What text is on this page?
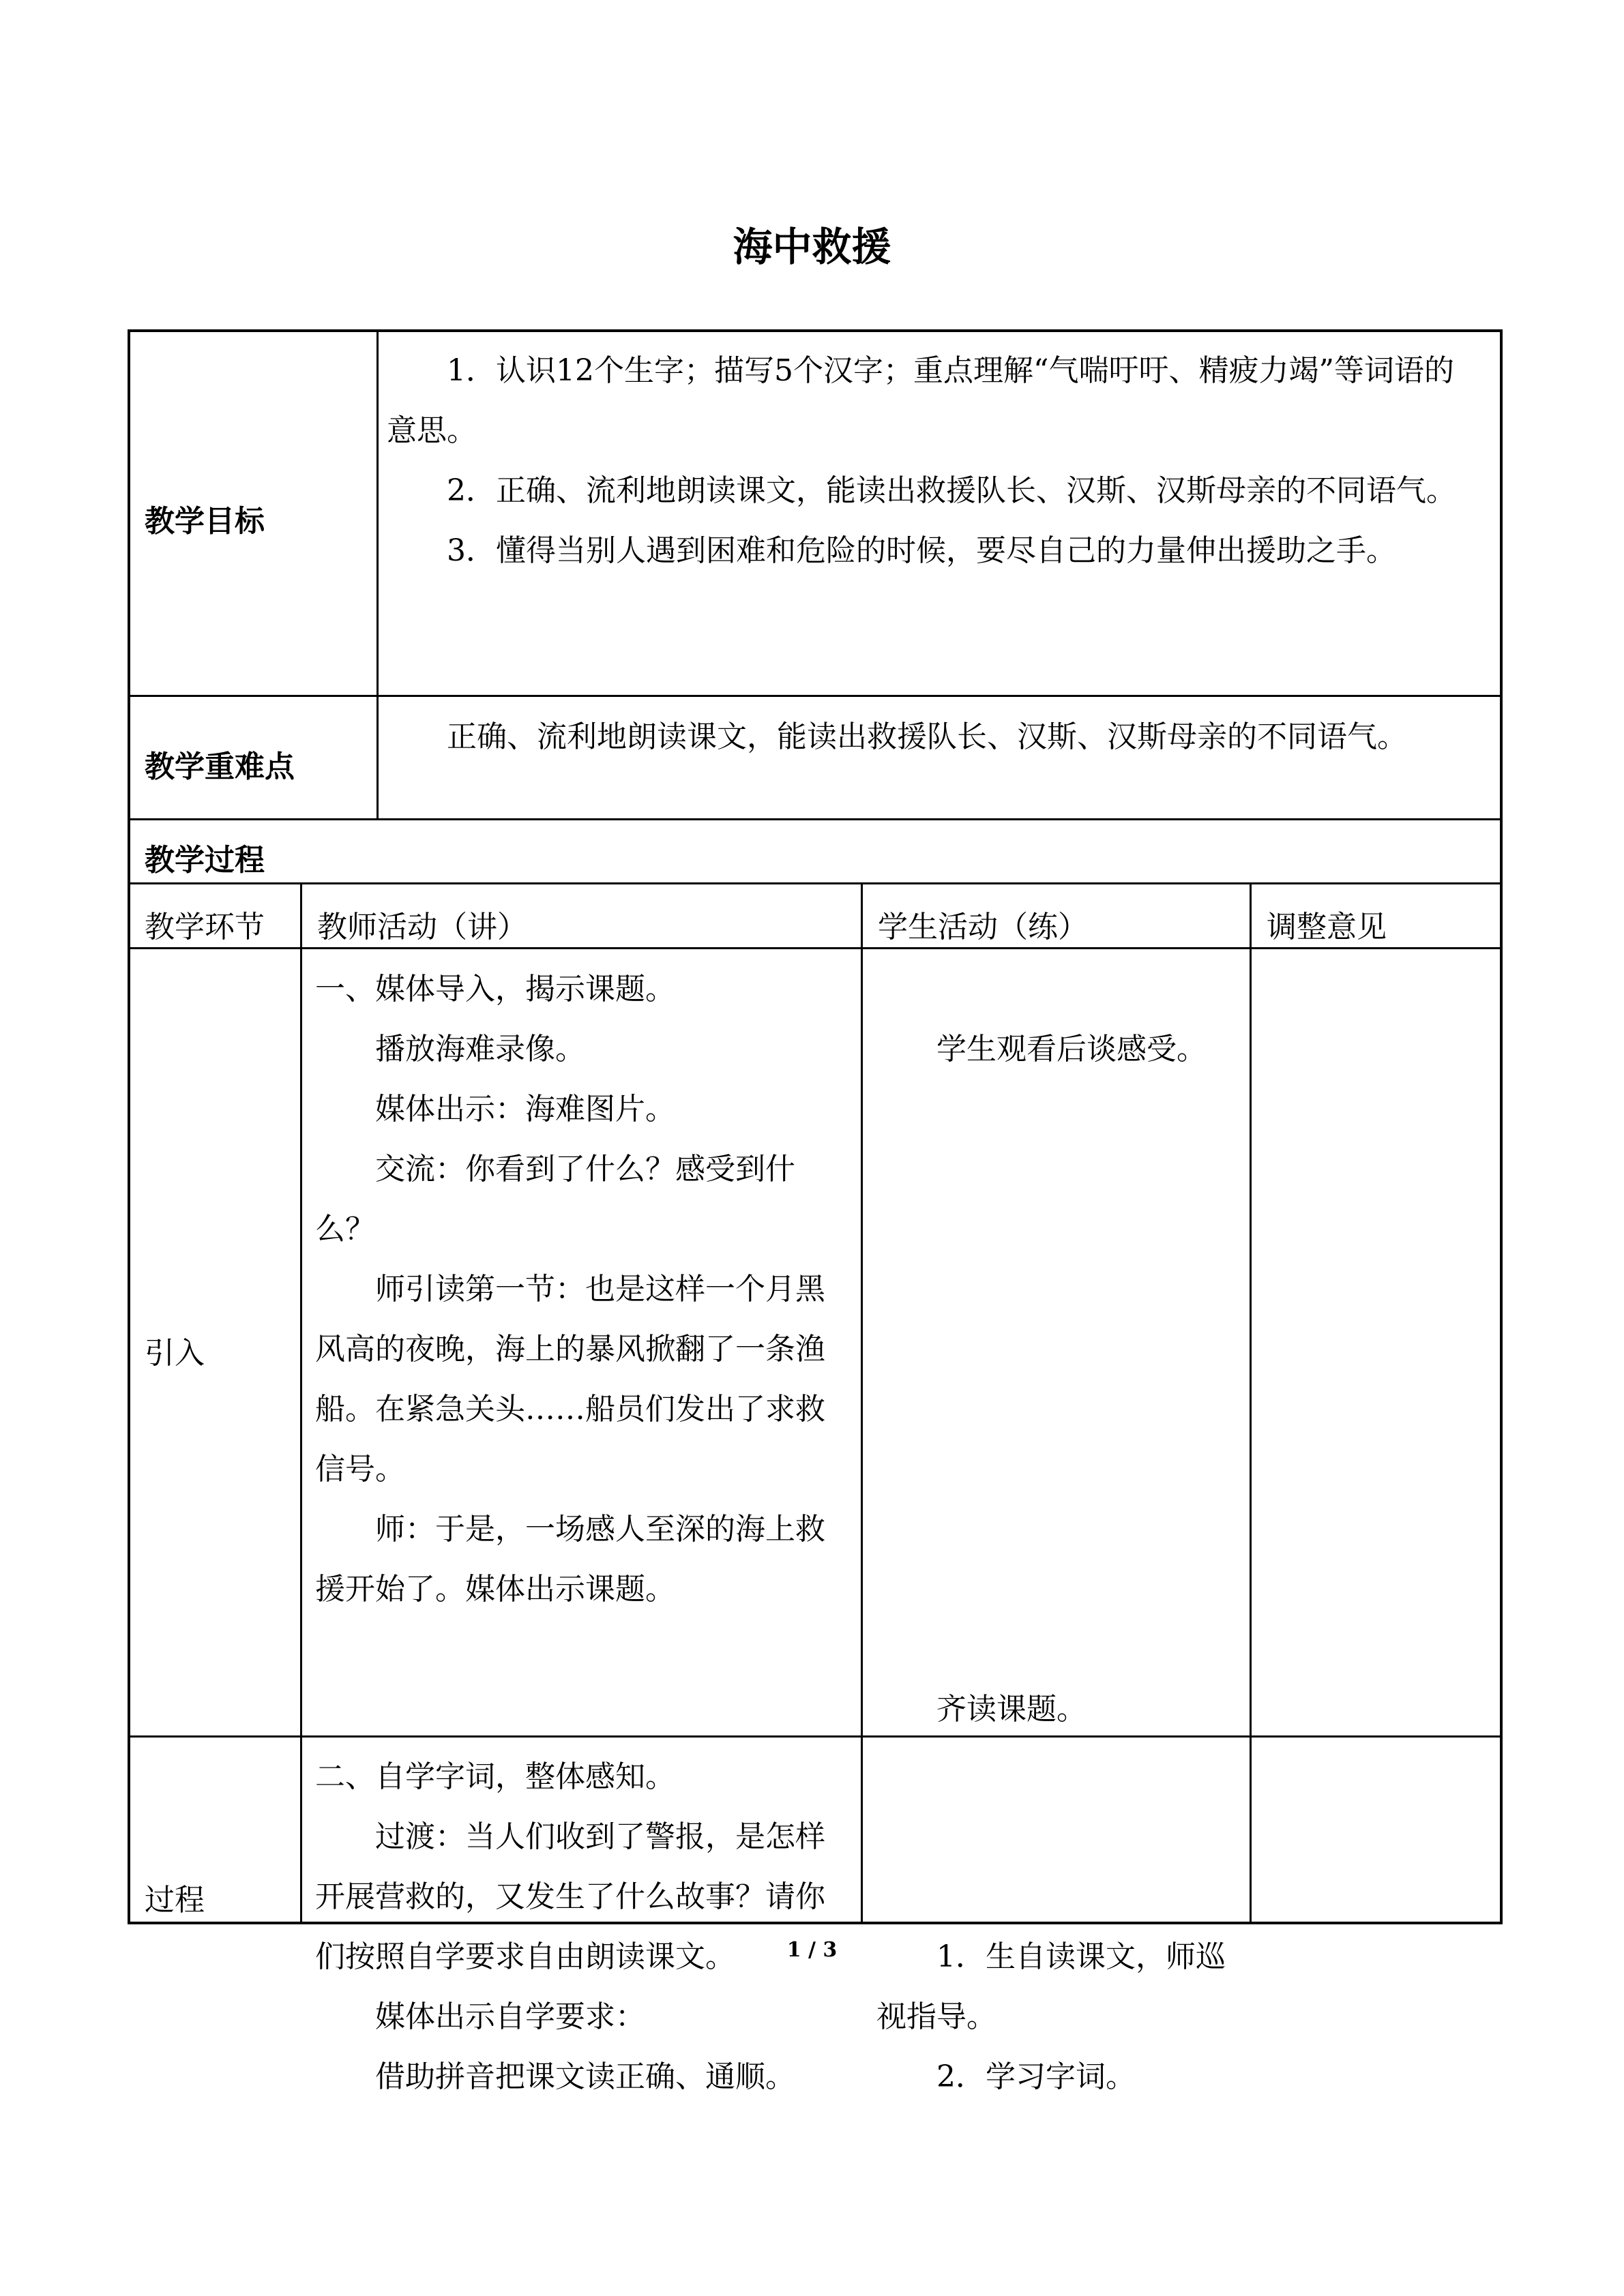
海中救援
教学目标

1．认识12个生字；描写5个汉字；重点理解“气喘吁吁、精疲力竭”等词语的意思。

2．正确、流利地朗读课文，能读出救援队长、汉斯、汉斯母亲的不同语气。

3．懂得当别人遇到困难和危险的时候，要尽自己的力量伸出援助之手。

教学重难点

正确、流利地朗读课文，能读出救援队长、汉斯、汉斯母亲的不同语气。

教学过程
教学环节 教师活动（讲）	学生活动（练）	调整意见
引入

一、媒体导入，揭示课题。

播放海难录像。

媒体出示：海难图片。

交流：你看到了什么？感受到什么？

师引读第一节：也是这样一个月黑风高的夜晚，海上的暴风掀翻了一条渔船。在紧急关头……船员们发出了求救信号。

师：于是，一场感人至深的海上救援开始了。媒体出示课题。

学生观看后谈感受。

齐读课题。

过程

二、自学字词，整体感知。

过渡：当人们收到了警报，是怎样开展营救的，又发生了什么故事？请你们按照自学要求自由朗读课文。

媒体出示自学要求：

借助拼音把课文读正确、通顺。

1．生自读课文，师巡视指导。

2．学习字词。

1 / 3
